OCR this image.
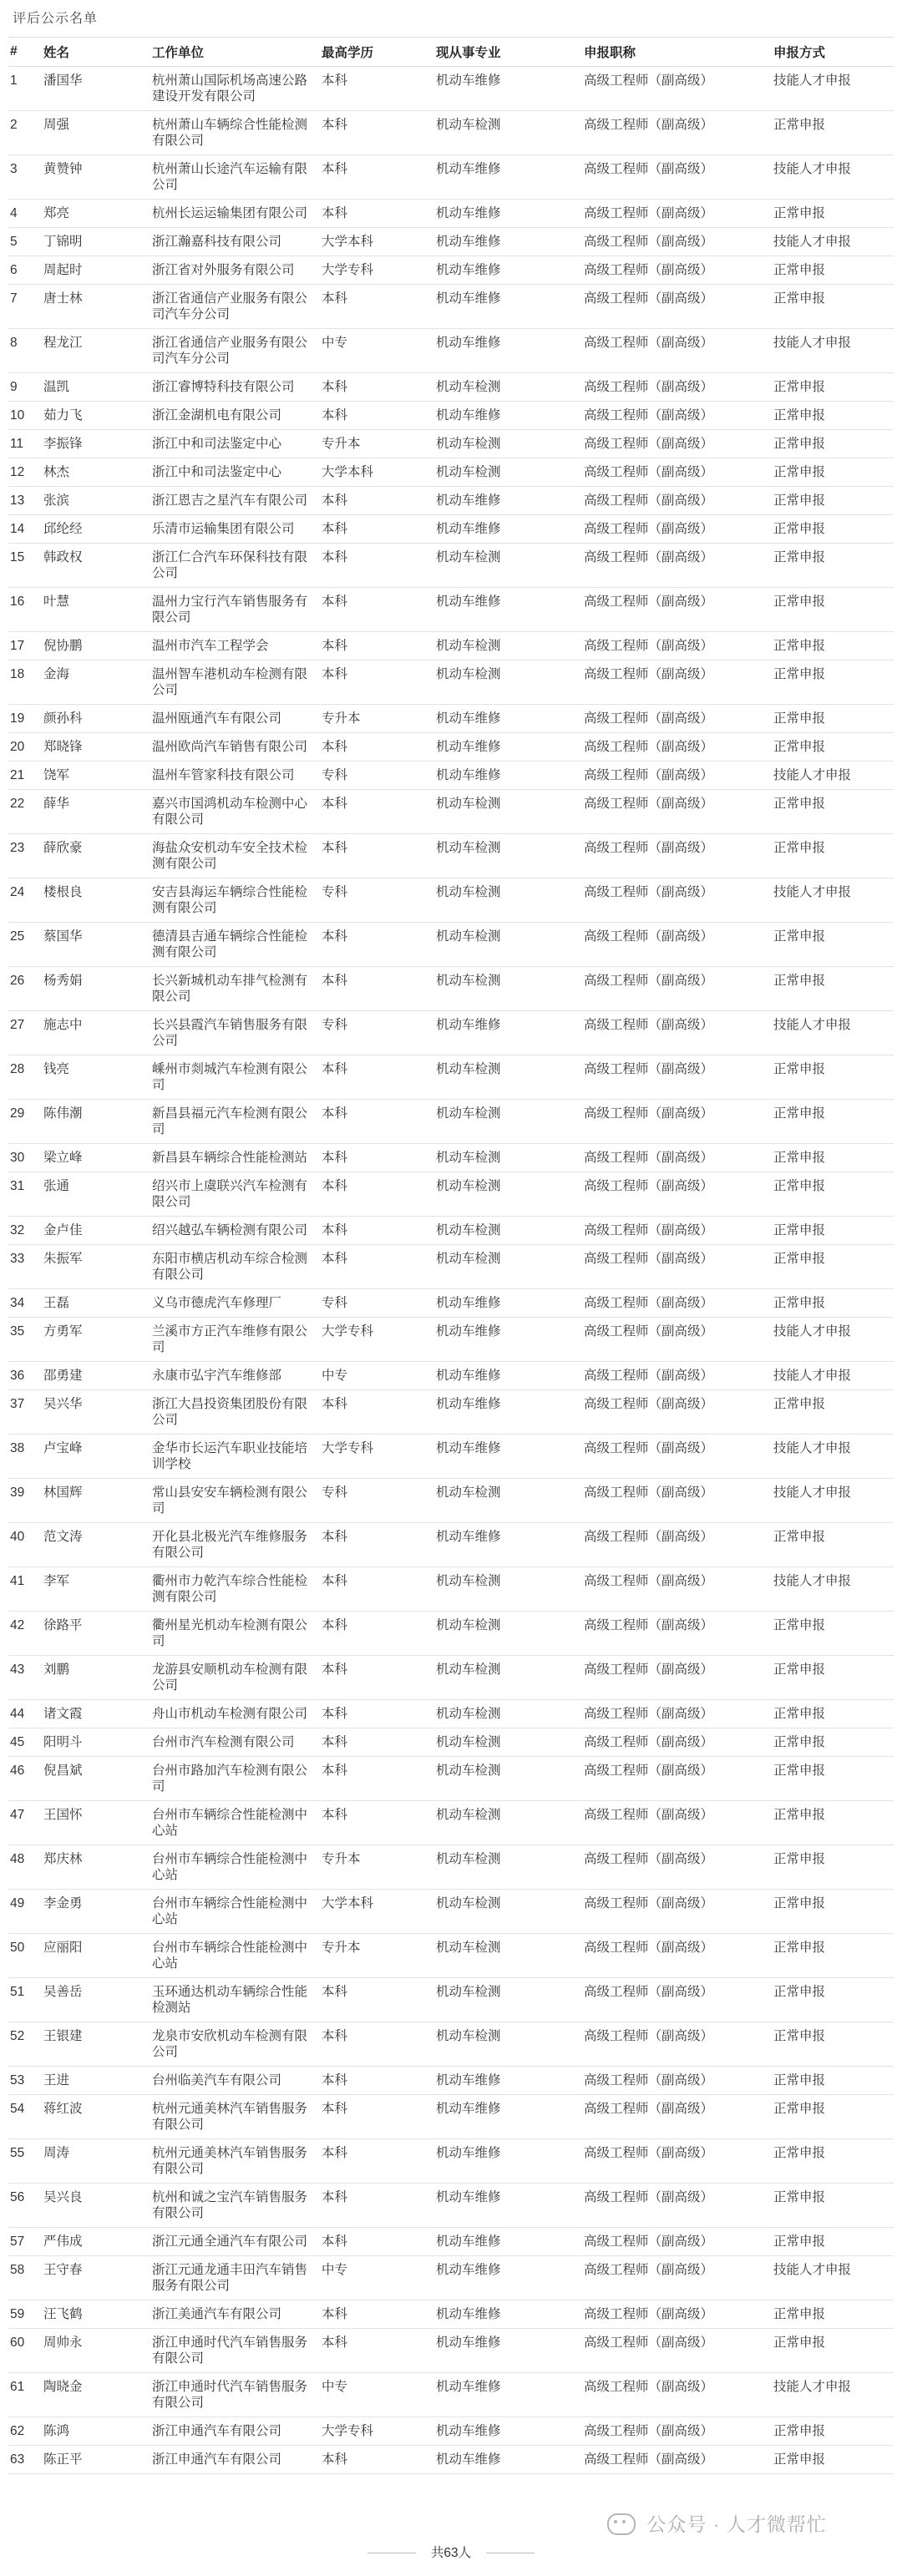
评后公示名单
#	姓名	工作单位	最高学历	现从事专业	申报职称	申报方式
1	潘国华	杭州萧山国际机场高速公路建设开发有限公司	本科	机动车维修	高级工程师（副高级）	技能人才申报
2	周强	杭州萧山车辆综合性能检测有限公司	本科	机动车检测	高级工程师（副高级）	正常申报
3	黄赞钟	杭州萧山长途汽车运输有限公司	本科	机动车维修	高级工程师（副高级）	技能人才申报
4	郑亮	杭州长运运输集团有限公司	本科	机动车维修	高级工程师（副高级）	正常申报
5	丁锦明	浙江瀚嘉科技有限公司	大学本科	机动车维修	高级工程师（副高级）	技能人才申报
6	周起时	浙江省对外服务有限公司	大学专科	机动车维修	高级工程师（副高级）	正常申报
7	唐士林	浙江省通信产业服务有限公司汽车分公司	本科	机动车维修	高级工程师（副高级）	正常申报
8	程龙江	浙江省通信产业服务有限公司汽车分公司	中专	机动车维修	高级工程师（副高级）	技能人才申报
9	温凯	浙江睿博特科技有限公司	本科	机动车检测	高级工程师（副高级）	正常申报
10	茹力飞	浙江金湖机电有限公司	本科	机动车维修	高级工程师（副高级）	正常申报
11	李振锋	浙江中和司法鉴定中心	专升本	机动车检测	高级工程师（副高级）	正常申报
12	林杰	浙江中和司法鉴定中心	大学本科	机动车检测	高级工程师（副高级）	正常申报
13	张滨	浙江恩吉之星汽车有限公司	本科	机动车维修	高级工程师（副高级）	正常申报
14	邱纶经	乐清市运输集团有限公司	本科	机动车维修	高级工程师（副高级）	正常申报
15	韩政权	浙江仁合汽车环保科技有限公司	本科	机动车检测	高级工程师（副高级）	正常申报
16	叶慧	温州力宝行汽车销售服务有限公司	本科	机动车维修	高级工程师（副高级）	正常申报
17	倪协鹏	温州市汽车工程学会	本科	机动车检测	高级工程师（副高级）	正常申报
18	金海	温州智车港机动车检测有限公司	本科	机动车检测	高级工程师（副高级）	正常申报
19	颜孙科	温州瓯通汽车有限公司	专升本	机动车维修	高级工程师（副高级）	正常申报
20	郑晓锋	温州欧尚汽车销售有限公司	本科	机动车维修	高级工程师（副高级）	正常申报
21	饶军	温州车管家科技有限公司	专科	机动车维修	高级工程师（副高级）	技能人才申报
22	薛华	嘉兴市国鸿机动车检测中心有限公司	本科	机动车检测	高级工程师（副高级）	正常申报
23	薛欣豪	海盐众安机动车安全技术检测有限公司	本科	机动车检测	高级工程师（副高级）	正常申报
24	楼根良	安吉县海运车辆综合性能检测有限公司	专科	机动车检测	高级工程师（副高级）	技能人才申报
25	蔡国华	德清县吉通车辆综合性能检测有限公司	本科	机动车检测	高级工程师（副高级）	正常申报
26	杨秀娟	长兴新城机动车排气检测有限公司	本科	机动车检测	高级工程师（副高级）	正常申报
27	施志中	长兴县霞汽车销售服务有限公司	专科	机动车维修	高级工程师（副高级）	技能人才申报
28	钱亮	嵊州市剡城汽车检测有限公司	本科	机动车检测	高级工程师（副高级）	正常申报
29	陈伟潮	新昌县福元汽车检测有限公司	本科	机动车检测	高级工程师（副高级）	正常申报
30	梁立峰	新昌县车辆综合性能检测站	本科	机动车检测	高级工程师（副高级）	正常申报
31	张通	绍兴市上虞联兴汽车检测有限公司	本科	机动车检测	高级工程师（副高级）	正常申报
32	金卢佳	绍兴越弘车辆检测有限公司	本科	机动车检测	高级工程师（副高级）	正常申报
33	朱振军	东阳市横店机动车综合检测有限公司	本科	机动车检测	高级工程师（副高级）	正常申报
34	王磊	义乌市德虎汽车修理厂	专科	机动车维修	高级工程师（副高级）	正常申报
35	方勇军	兰溪市方正汽车维修有限公司	大学专科	机动车维修	高级工程师（副高级）	技能人才申报
36	邵勇建	永康市弘宇汽车维修部	中专	机动车维修	高级工程师（副高级）	技能人才申报
37	吴兴华	浙江大昌投资集团股份有限公司	本科	机动车维修	高级工程师（副高级）	正常申报
38	卢宝峰	金华市长运汽车职业技能培训学校	大学专科	机动车维修	高级工程师（副高级）	技能人才申报
39	林国辉	常山县安安车辆检测有限公司	专科	机动车检测	高级工程师（副高级）	技能人才申报
40	范文涛	开化县北极光汽车维修服务有限公司	本科	机动车维修	高级工程师（副高级）	正常申报
41	李军	衢州市力乾汽车综合性能检测有限公司	本科	机动车检测	高级工程师（副高级）	技能人才申报
42	徐路平	衢州星光机动车检测有限公司	本科	机动车检测	高级工程师（副高级）	正常申报
43	刘鹏	龙游县安顺机动车检测有限公司	本科	机动车检测	高级工程师（副高级）	正常申报
44	诸文霞	舟山市机动车检测有限公司	本科	机动车检测	高级工程师（副高级）	正常申报
45	阳明斗	台州市汽车检测有限公司	本科	机动车检测	高级工程师（副高级）	正常申报
46	倪昌斌	台州市路加汽车检测有限公司	本科	机动车检测	高级工程师（副高级）	正常申报
47	王国怀	台州市车辆综合性能检测中心站	本科	机动车检测	高级工程师（副高级）	正常申报
48	郑庆林	台州市车辆综合性能检测中心站	专升本	机动车检测	高级工程师（副高级）	正常申报
49	李金勇	台州市车辆综合性能检测中心站	大学本科	机动车检测	高级工程师（副高级）	正常申报
50	应丽阳	台州市车辆综合性能检测中心站	专升本	机动车检测	高级工程师（副高级）	正常申报
51	吴善岳	玉环通达机动车辆综合性能检测站	本科	机动车检测	高级工程师（副高级）	正常申报
52	王银建	龙泉市安欣机动车检测有限公司	本科	机动车检测	高级工程师（副高级）	正常申报
53	王进	台州临美汽车有限公司	本科	机动车维修	高级工程师（副高级）	正常申报
54	蒋红波	杭州元通美林汽车销售服务有限公司	本科	机动车维修	高级工程师（副高级）	正常申报
55	周涛	杭州元通美林汽车销售服务有限公司	本科	机动车维修	高级工程师（副高级）	正常申报
56	吴兴良	杭州和诚之宝汽车销售服务有限公司	本科	机动车维修	高级工程师（副高级）	正常申报
57	严伟成	浙江元通全通汽车有限公司	本科	机动车维修	高级工程师（副高级）	正常申报
58	王守春	浙江元通龙通丰田汽车销售服务有限公司	中专	机动车维修	高级工程师（副高级）	技能人才申报
59	汪飞鹤	浙江美通汽车有限公司	本科	机动车维修	高级工程师（副高级）	正常申报
60	周帅永	浙江申通时代汽车销售服务有限公司	本科	机动车维修	高级工程师（副高级）	正常申报
61	陶晓金	浙江申通时代汽车销售服务有限公司	中专	机动车维修	高级工程师（副高级）	技能人才申报
62	陈鸿	浙江申通汽车有限公司	大学专科	机动车维修	高级工程师（副高级）	正常申报
63	陈正平	浙江申通汽车有限公司	本科	机动车维修	高级工程师（副高级）	正常申报
共63人
公众号 · 人才微帮忙
